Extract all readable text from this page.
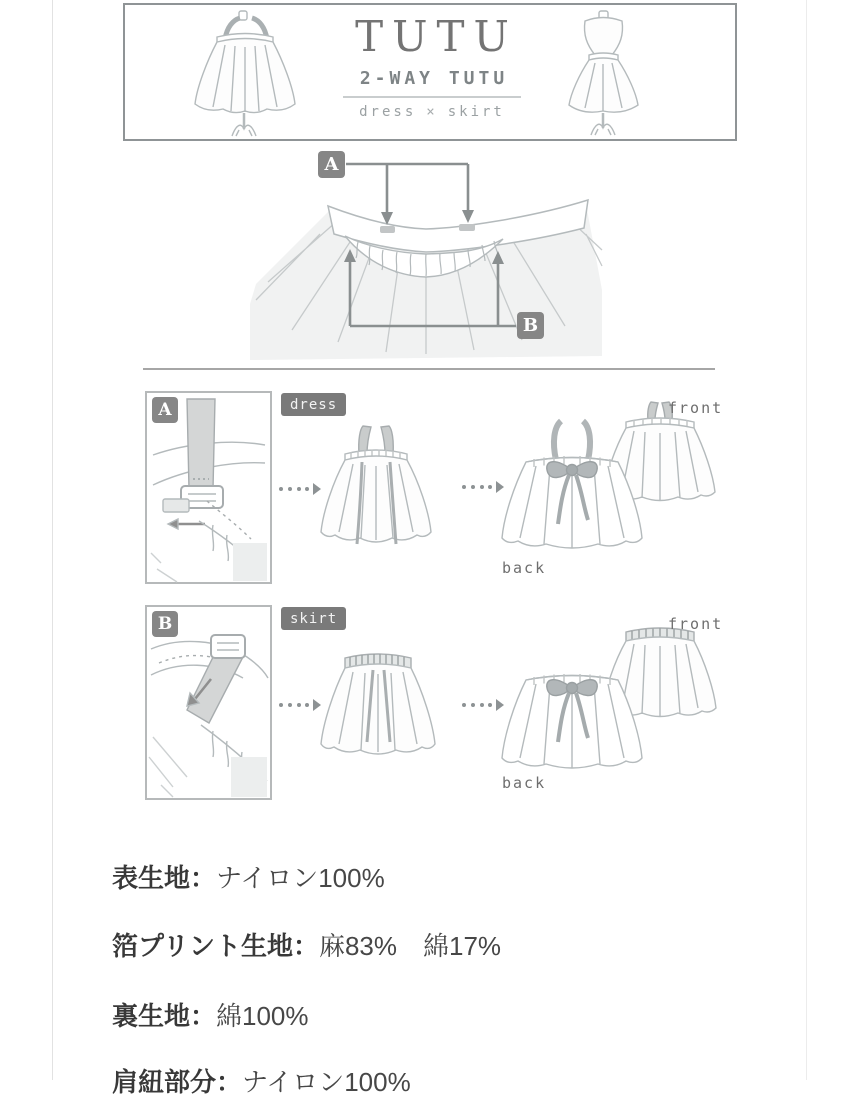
TUTU
2-WAY TUTU
dress × skirt
A
B
A	dress
back
front
B	skirt
back
front
表生地：ナイロン100%
箔プリント生地：麻83%　綿17%
裏生地：綿100%
肩紐部分：ナイロン100%
